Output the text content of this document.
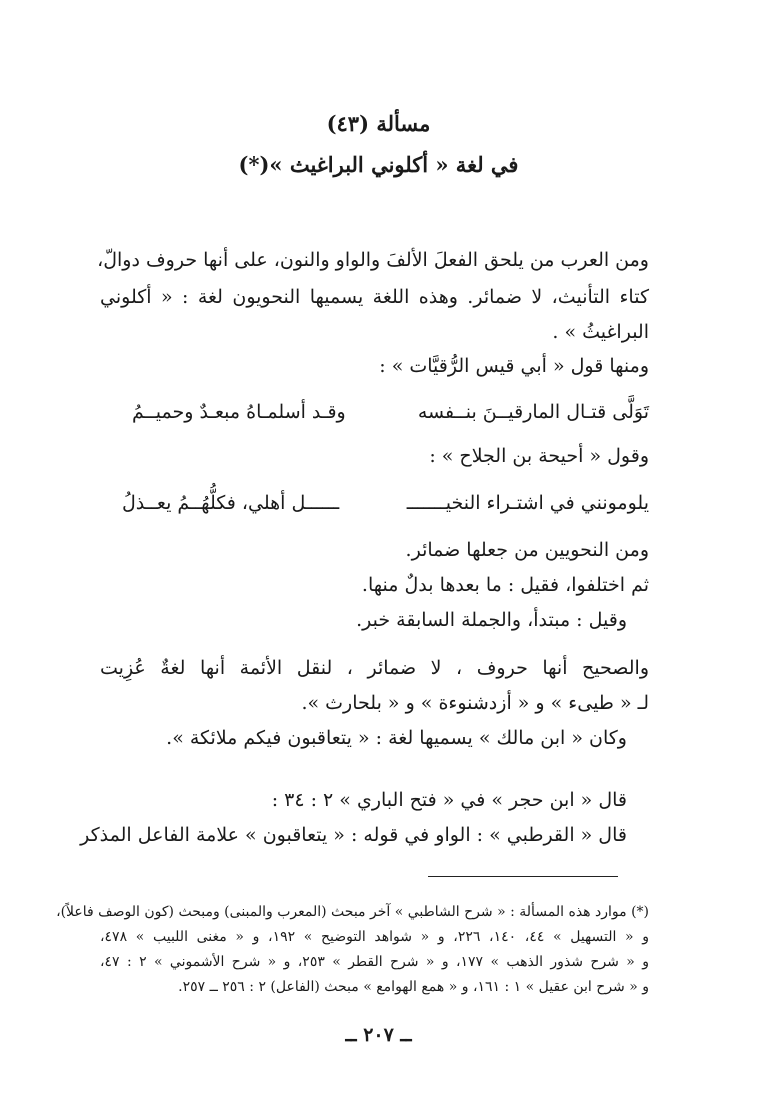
مسألة (٤٣)
في لغة « أكلوني البراغيث »(*)
ومن العرب من يلحق الفعلَ الألفَ والواو والنون، على أنها حروف دوالّ،
كتاء التأنيث، لا ضمائر. وهذه اللغة يسميها النحويون لغة : « أكلوني
البراغيثُ » .
ومنها قول « أبي قيس الرُّقيَّات » :
تَوَلَّى قتـال المارقيــنَ بنــفسه
وقـد أسلمـاهُ مبعـدٌ وحميــمُ
وقول « أحيحة بن الجلاح » :
يلومونني في اشتـراء النخيـــــــ
ــــــل أهلي، فكلُّهُــمُ يعــذلُ
ومن النحويين من جعلها ضمائر.
ثم اختلفوا، فقيل : ما بعدها بدلٌ منها.
وقيل : مبتدأ، والجملة السابقة خبر.
والصحيح أنها حروف ، لا ضمائر ، لنقل الأئمة أنها لغةٌ عُزِيت
لـ « طيىء » و « أزدشنوءة » و « بلحارث ».
وكان « ابن مالك » يسميها لغة : « يتعاقبون فيكم ملائكة ».
قال « ابن حجر » في « فتح الباري » ٢ : ٣٤ :
قال « القرطبي » : الواو في قوله : « يتعاقبون » علامة الفاعل المذكر
(*) موارد هذه المسألة : « شرح الشاطبي » آخر مبحث (المعرب والمبنى) ومبحث (كون الوصف فاعلاً)،
و « التسهيل » ٤٤، ١٤٠، ٢٢٦، و « شواهد التوضيح » ١٩٢، و « مغنى اللبيب » ٤٧٨،
و « شرح شذور الذهب » ١٧٧، و « شرح القطر » ٢٥٣، و « شرح الأشموني » ٢ : ٤٧،
و « شرح ابن عقيل » ١ : ١٦١، و « همع الهوامع » مبحث (الفاعل) ٢ : ٢٥٦ ــ ٢٥٧.
ــ ٢٠٧ ــ
